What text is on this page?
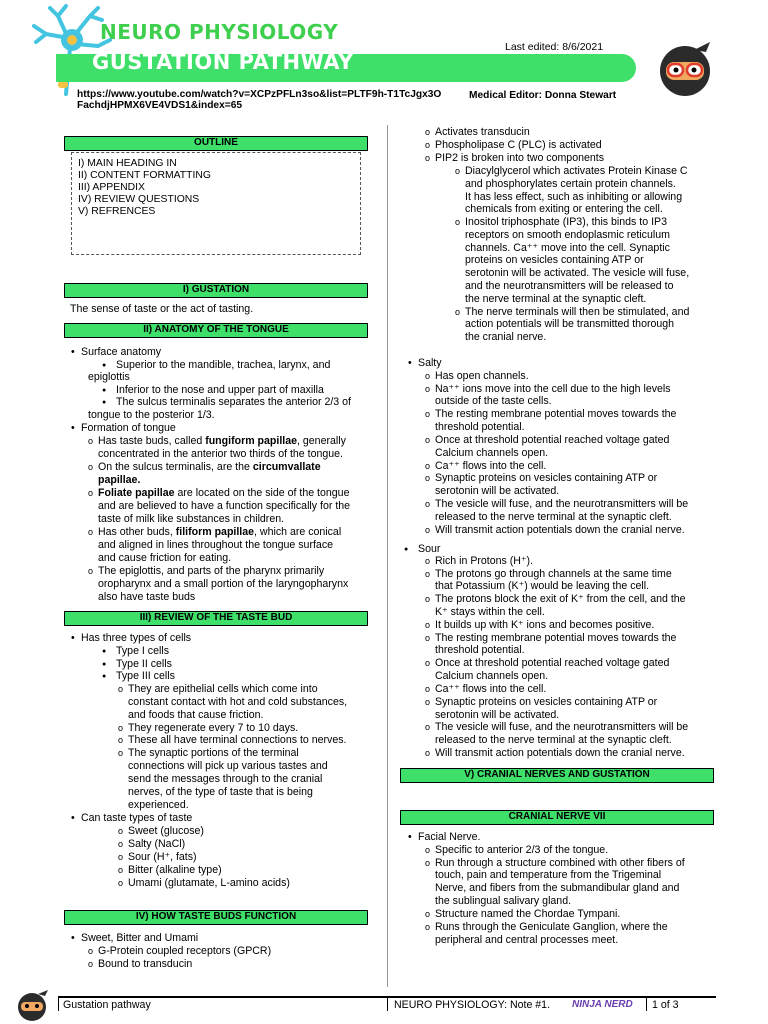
NEURO PHYSIOLOGY
GUSTATION PATHWAY
Last edited: 8/6/2021
https://www.youtube.com/watch?v=XCPzPFLn3so&list=PLTF9h-T1TcJgx3OFachdjHPMX6VE4VDS1&index=65
Medical Editor: Donna Stewart
OUTLINE
I) MAIN HEADING IN
II) CONTENT FORMATTING
III) APPENDIX
IV) REVIEW QUESTIONS
V) REFRENCES
I) GUSTATION
The sense of taste or the act of tasting.
II) ANATOMY OF THE TONGUE
• Surface anatomy
● Superior to the mandible, trachea, larynx, and
epiglottis
● Inferior to the nose and upper part of maxilla
● The sulcus terminalis separates the anterior 2/3 of
tongue to the posterior 1/3.
• Formation of tongue
o Has taste buds, called fungiform papillae, generally
concentrated in the anterior two thirds of the tongue.
o On the sulcus terminalis, are the circumvallate
papillae.
o Foliate papillae are located on the side of the tongue
and are believed to have a function specifically for the
taste of milk like substances in children.
o Has other buds, filiform papillae, which are conical
and aligned in lines throughout the tongue surface
and cause friction for eating.
o The epiglottis, and parts of the pharynx primarily
oropharynx and a small portion of the laryngopharynx
also have taste buds
III) REVIEW OF THE TASTE BUD
• Has three types of cells
● Type I cells
● Type II cells
● Type III cells
o They are epithelial cells which come into
constant contact with hot and cold substances,
and foods that cause friction.
o They regenerate every 7 to 10 days.
o These all have terminal connections to nerves.
o The synaptic portions of the terminal
connections will pick up various tastes and
send the messages through to the cranial
nerves, of the type of taste that is being
experienced.
• Can taste types of taste
o Sweet (glucose)
o Salty (NaCl)
o Sour (H⁺, fats)
o Bitter (alkaline type)
o Umami (glutamate, L-amino acids)
IV) HOW TASTE BUDS FUNCTION
• Sweet, Bitter and Umami
o G-Protein coupled receptors (GPCR)
o Bound to transducin
o Activates transducin
o Phospholipase C (PLC) is activated
o PIP2 is broken into two components
o Diacylglycerol which activates Protein Kinase C
and phosphorylates certain protein channels.
It has less effect, such as inhibiting or allowing
chemicals from exiting or entering the cell.
o Inositol triphosphate (IP3), this binds to IP3
receptors on smooth endoplasmic reticulum
channels. Ca⁺⁺ move into the cell. Synaptic
proteins on vesicles containing ATP or
serotonin will be activated. The vesicle will fuse,
and the neurotransmitters will be released to
the nerve terminal at the synaptic cleft.
o The nerve terminals will then be stimulated, and
action potentials will be transmitted thorough
the cranial nerve.
• Salty
o Has open channels.
o Na⁺⁺ ions move into the cell due to the high levels
outside of the taste cells.
o The resting membrane potential moves towards the
threshold potential.
o Once at threshold potential reached voltage gated
Calcium channels open.
o Ca⁺⁺ flows into the cell.
o Synaptic proteins on vesicles containing ATP or
serotonin will be activated.
o The vesicle will fuse, and the neurotransmitters will be
released to the nerve terminal at the synaptic cleft.
o Will transmit action potentials down the cranial nerve.
● Sour
o Rich in Protons (H⁺).
o The protons go through channels at the same time
that Potassium (K⁺) would be leaving the cell.
o The protons block the exit of K⁺ from the cell, and the
K⁺ stays within the cell.
o It builds up with K⁺ ions and becomes positive.
o The resting membrane potential moves towards the
threshold potential.
o Once at threshold potential reached voltage gated
Calcium channels open.
o Ca⁺⁺ flows into the cell.
o Synaptic proteins on vesicles containing ATP or
serotonin will be activated.
o The vesicle will fuse, and the neurotransmitters will be
released to the nerve terminal at the synaptic cleft.
o Will transmit action potentials down the cranial nerve.
V) CRANIAL NERVES AND GUSTATION
CRANIAL NERVE VII
• Facial Nerve.
o Specific to anterior 2/3 of the tongue.
o Run through a structure combined with other fibers of
touch, pain and temperature from the Trigeminal
Nerve, and fibers from the submandibular gland and
the sublingual salivary gland.
o Structure named the Chordae Tympani.
o Runs through the Geniculate Ganglion, where the
peripheral and central processes meet.
Gustation pathway	NEURO PHYSIOLOGY: Note #1. NINJA NERD 1 of 3
